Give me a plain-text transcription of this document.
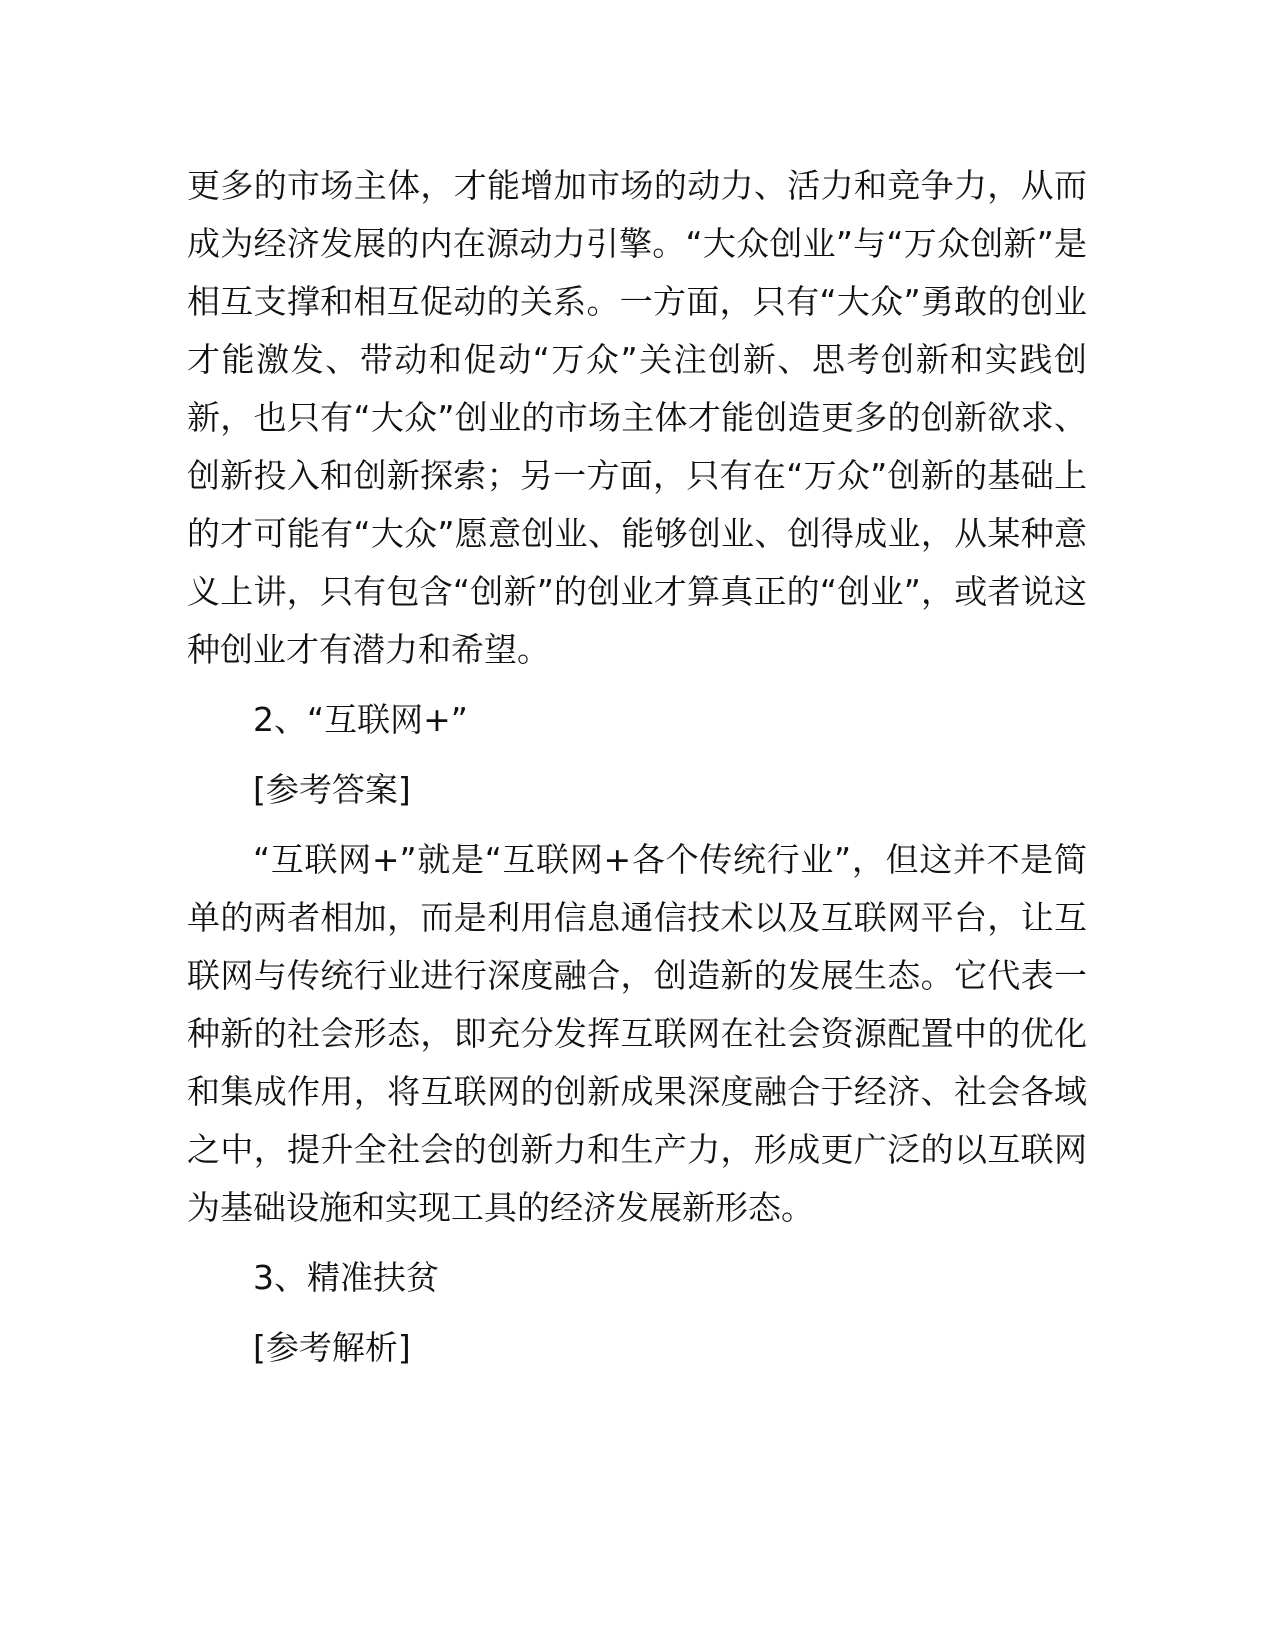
更多的市场主体，才能增加市场的动力、活力和竞争力，从而成为经济发展的内在源动力引擎。“大众创业”与“万众创新”是相互支撑和相互促动的关系。一方面，只有“大众”勇敢的创业才能激发、带动和促动“万众”关注创新、思考创新和实践创新，也只有“大众”创业的市场主体才能创造更多的创新欲求、创新投入和创新探索；另一方面，只有在“万众”创新的基础上的才可能有“大众”愿意创业、能够创业、创得成业，从某种意义上讲，只有包含“创新”的创业才算真正的“创业”，或者说这种创业才有潜力和希望。

2、“互联网+”

[参考答案]

“互联网+”就是“互联网+各个传统行业”，但这并不是简单的两者相加，而是利用信息通信技术以及互联网平台，让互联网与传统行业进行深度融合，创造新的发展生态。它代表一种新的社会形态，即充分发挥互联网在社会资源配置中的优化和集成作用，将互联网的创新成果深度融合于经济、社会各域之中，提升全社会的创新力和生产力，形成更广泛的以互联网为基础设施和实现工具的经济发展新形态。

3、精准扶贫

[参考解析]
